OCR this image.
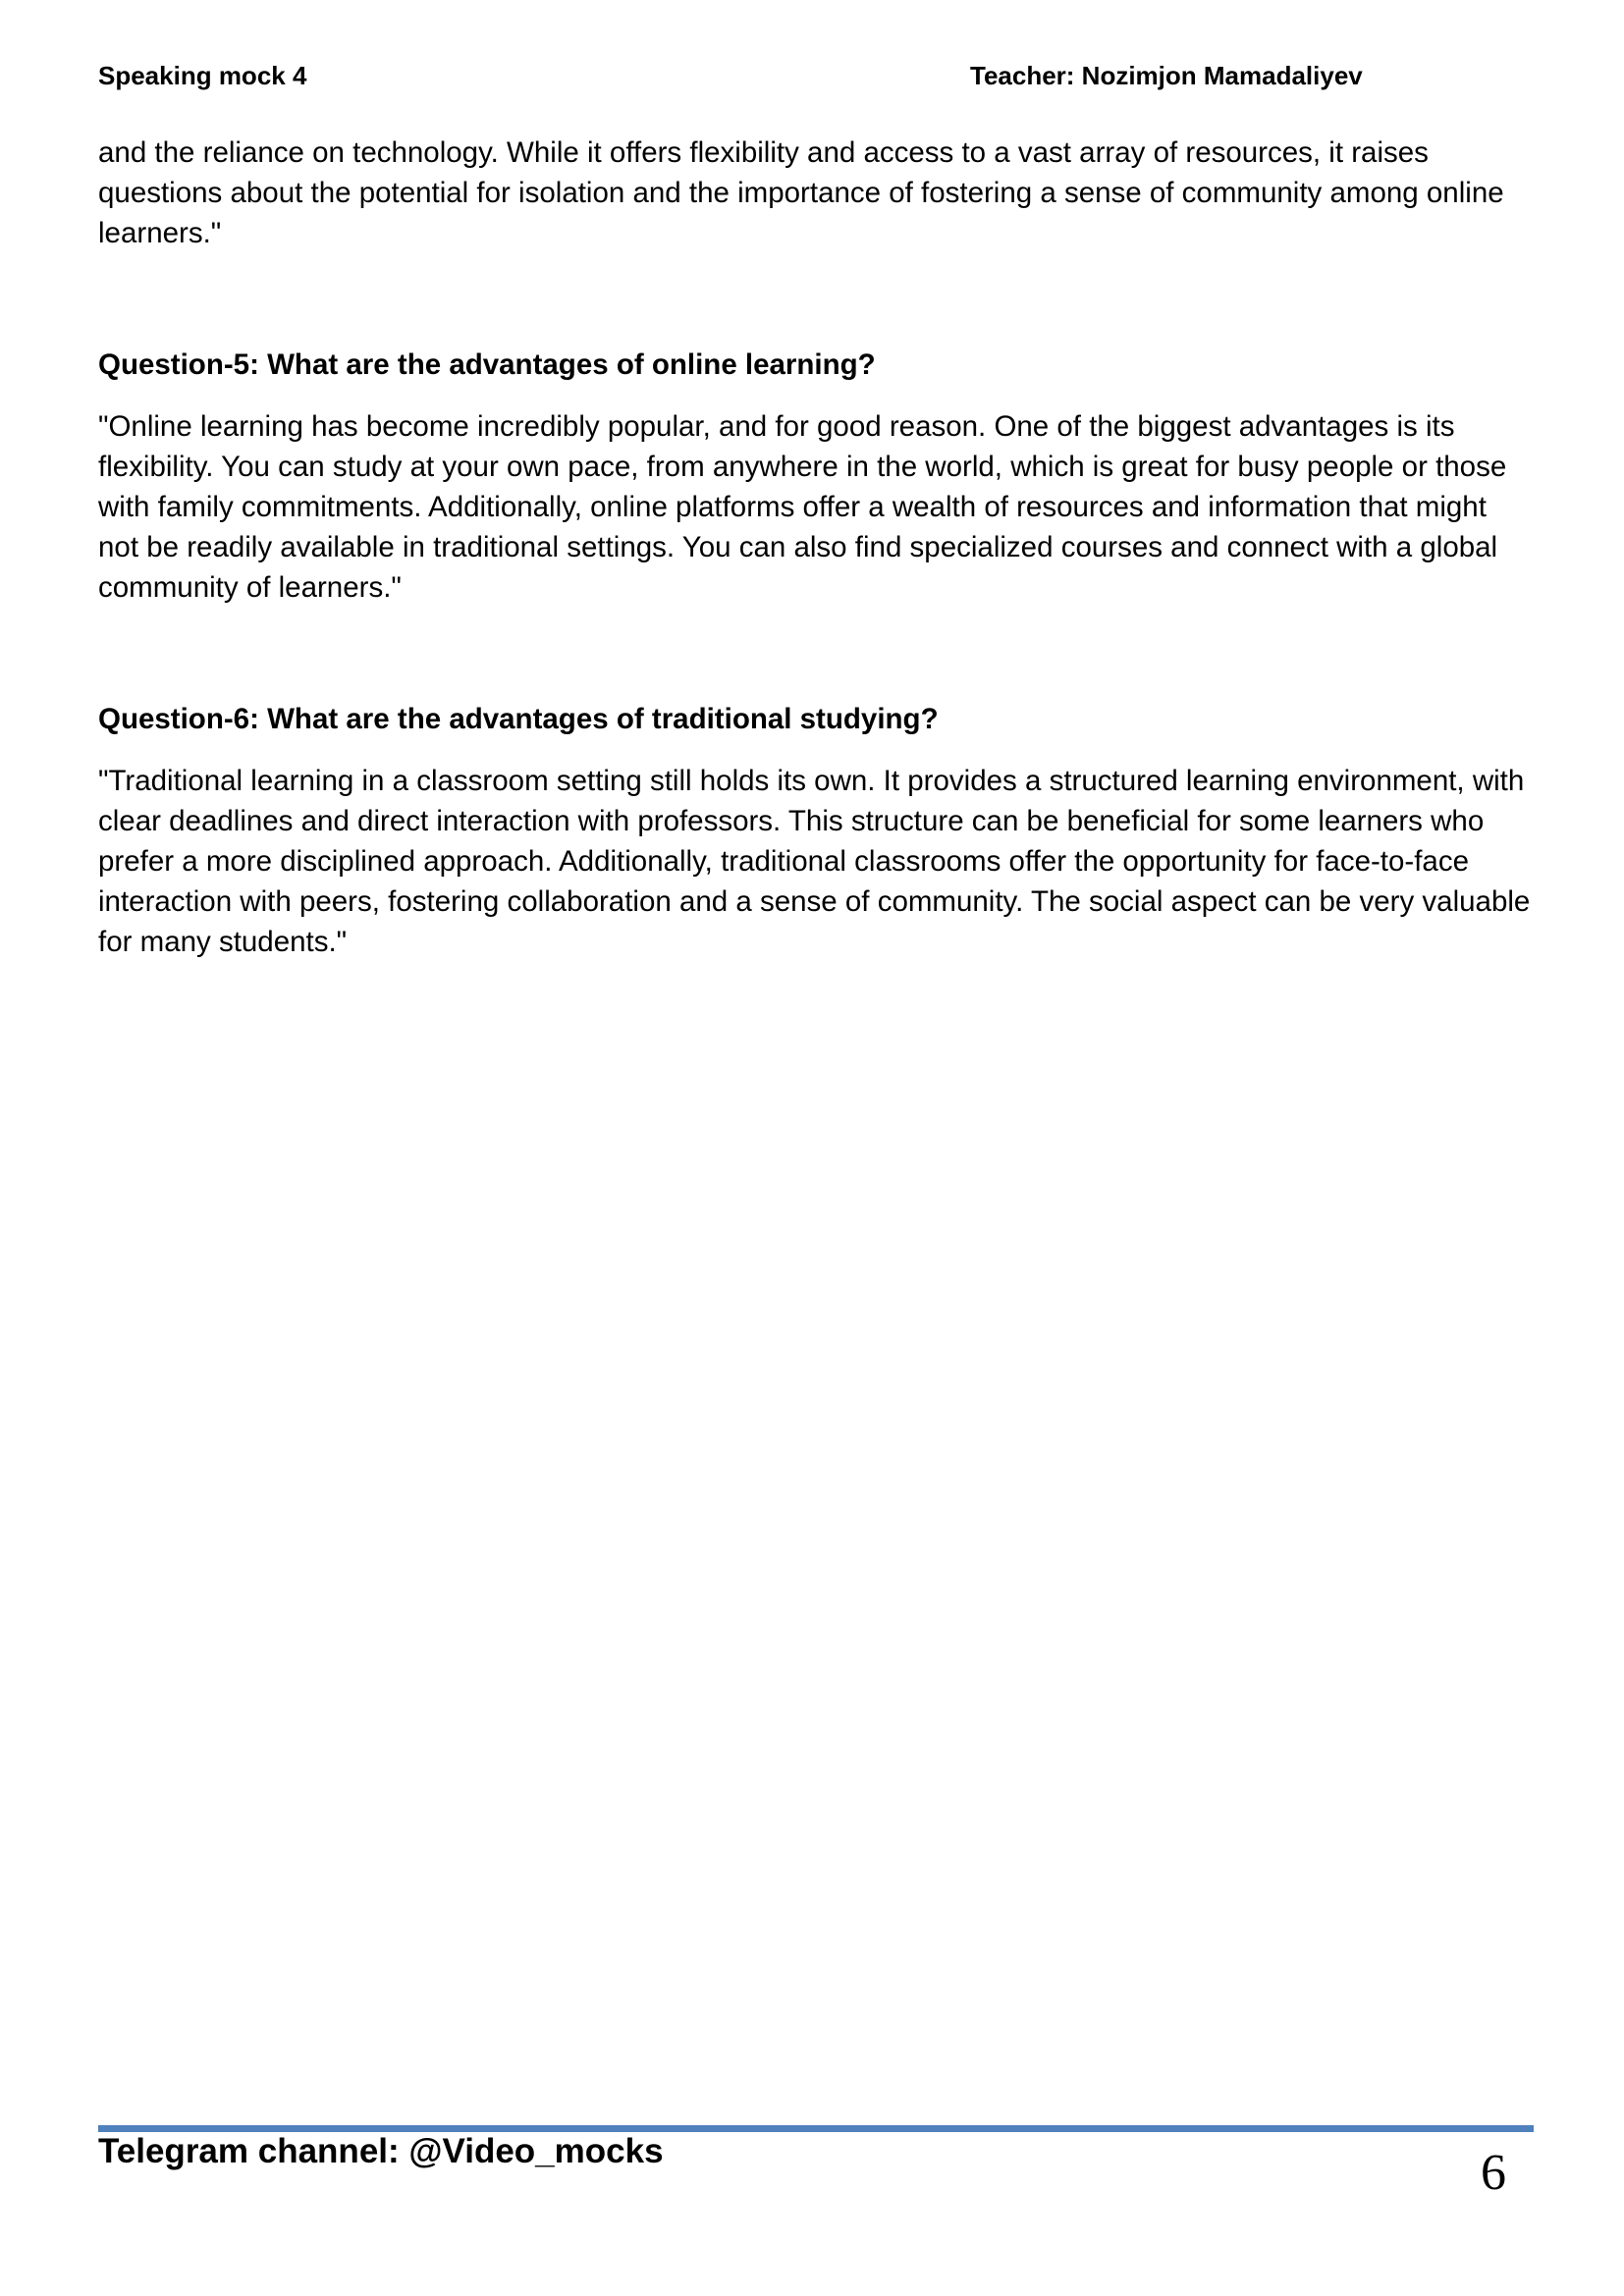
Speaking mock 4	Teacher: Nozimjon Mamadaliyev

and the reliance on technology. While it offers flexibility and access to a vast array of resources, it raises questions about the potential for isolation and the importance of fostering a sense of community among online learners."

Question-5: What are the advantages of online learning?

"Online learning has become incredibly popular, and for good reason. One of the biggest advantages is its flexibility. You can study at your own pace, from anywhere in the world, which is great for busy people or those with family commitments. Additionally, online platforms offer a wealth of resources and information that might not be readily available in traditional settings. You can also find specialized courses and connect with a global community of learners."

Question-6: What are the advantages of traditional studying?

"Traditional learning in a classroom setting still holds its own. It provides a structured learning environment, with clear deadlines and direct interaction with professors. This structure can be beneficial for some learners who prefer a more disciplined approach. Additionally, traditional classrooms offer the opportunity for face-to-face interaction with peers, fostering collaboration and a sense of community. The social aspect can be very valuable for many students."

Telegram channel: @Video_mocks	6
